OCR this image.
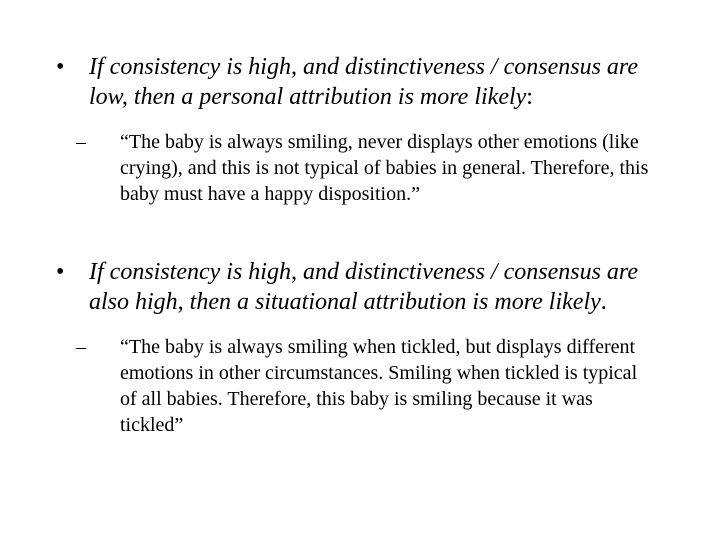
• If consistency is high, and distinctiveness / consensus are low, then a personal attribution is more likely:
– “The baby is always smiling, never displays other emotions (like crying), and this is not typical of babies in general. Therefore, this baby must have a happy disposition.”
• If consistency is high, and distinctiveness / consensus are also high, then a situational attribution is more likely.
– “The baby is always smiling when tickled, but displays different emotions in other circumstances. Smiling when tickled is typical of all babies. Therefore, this baby is smiling because it was tickled”
